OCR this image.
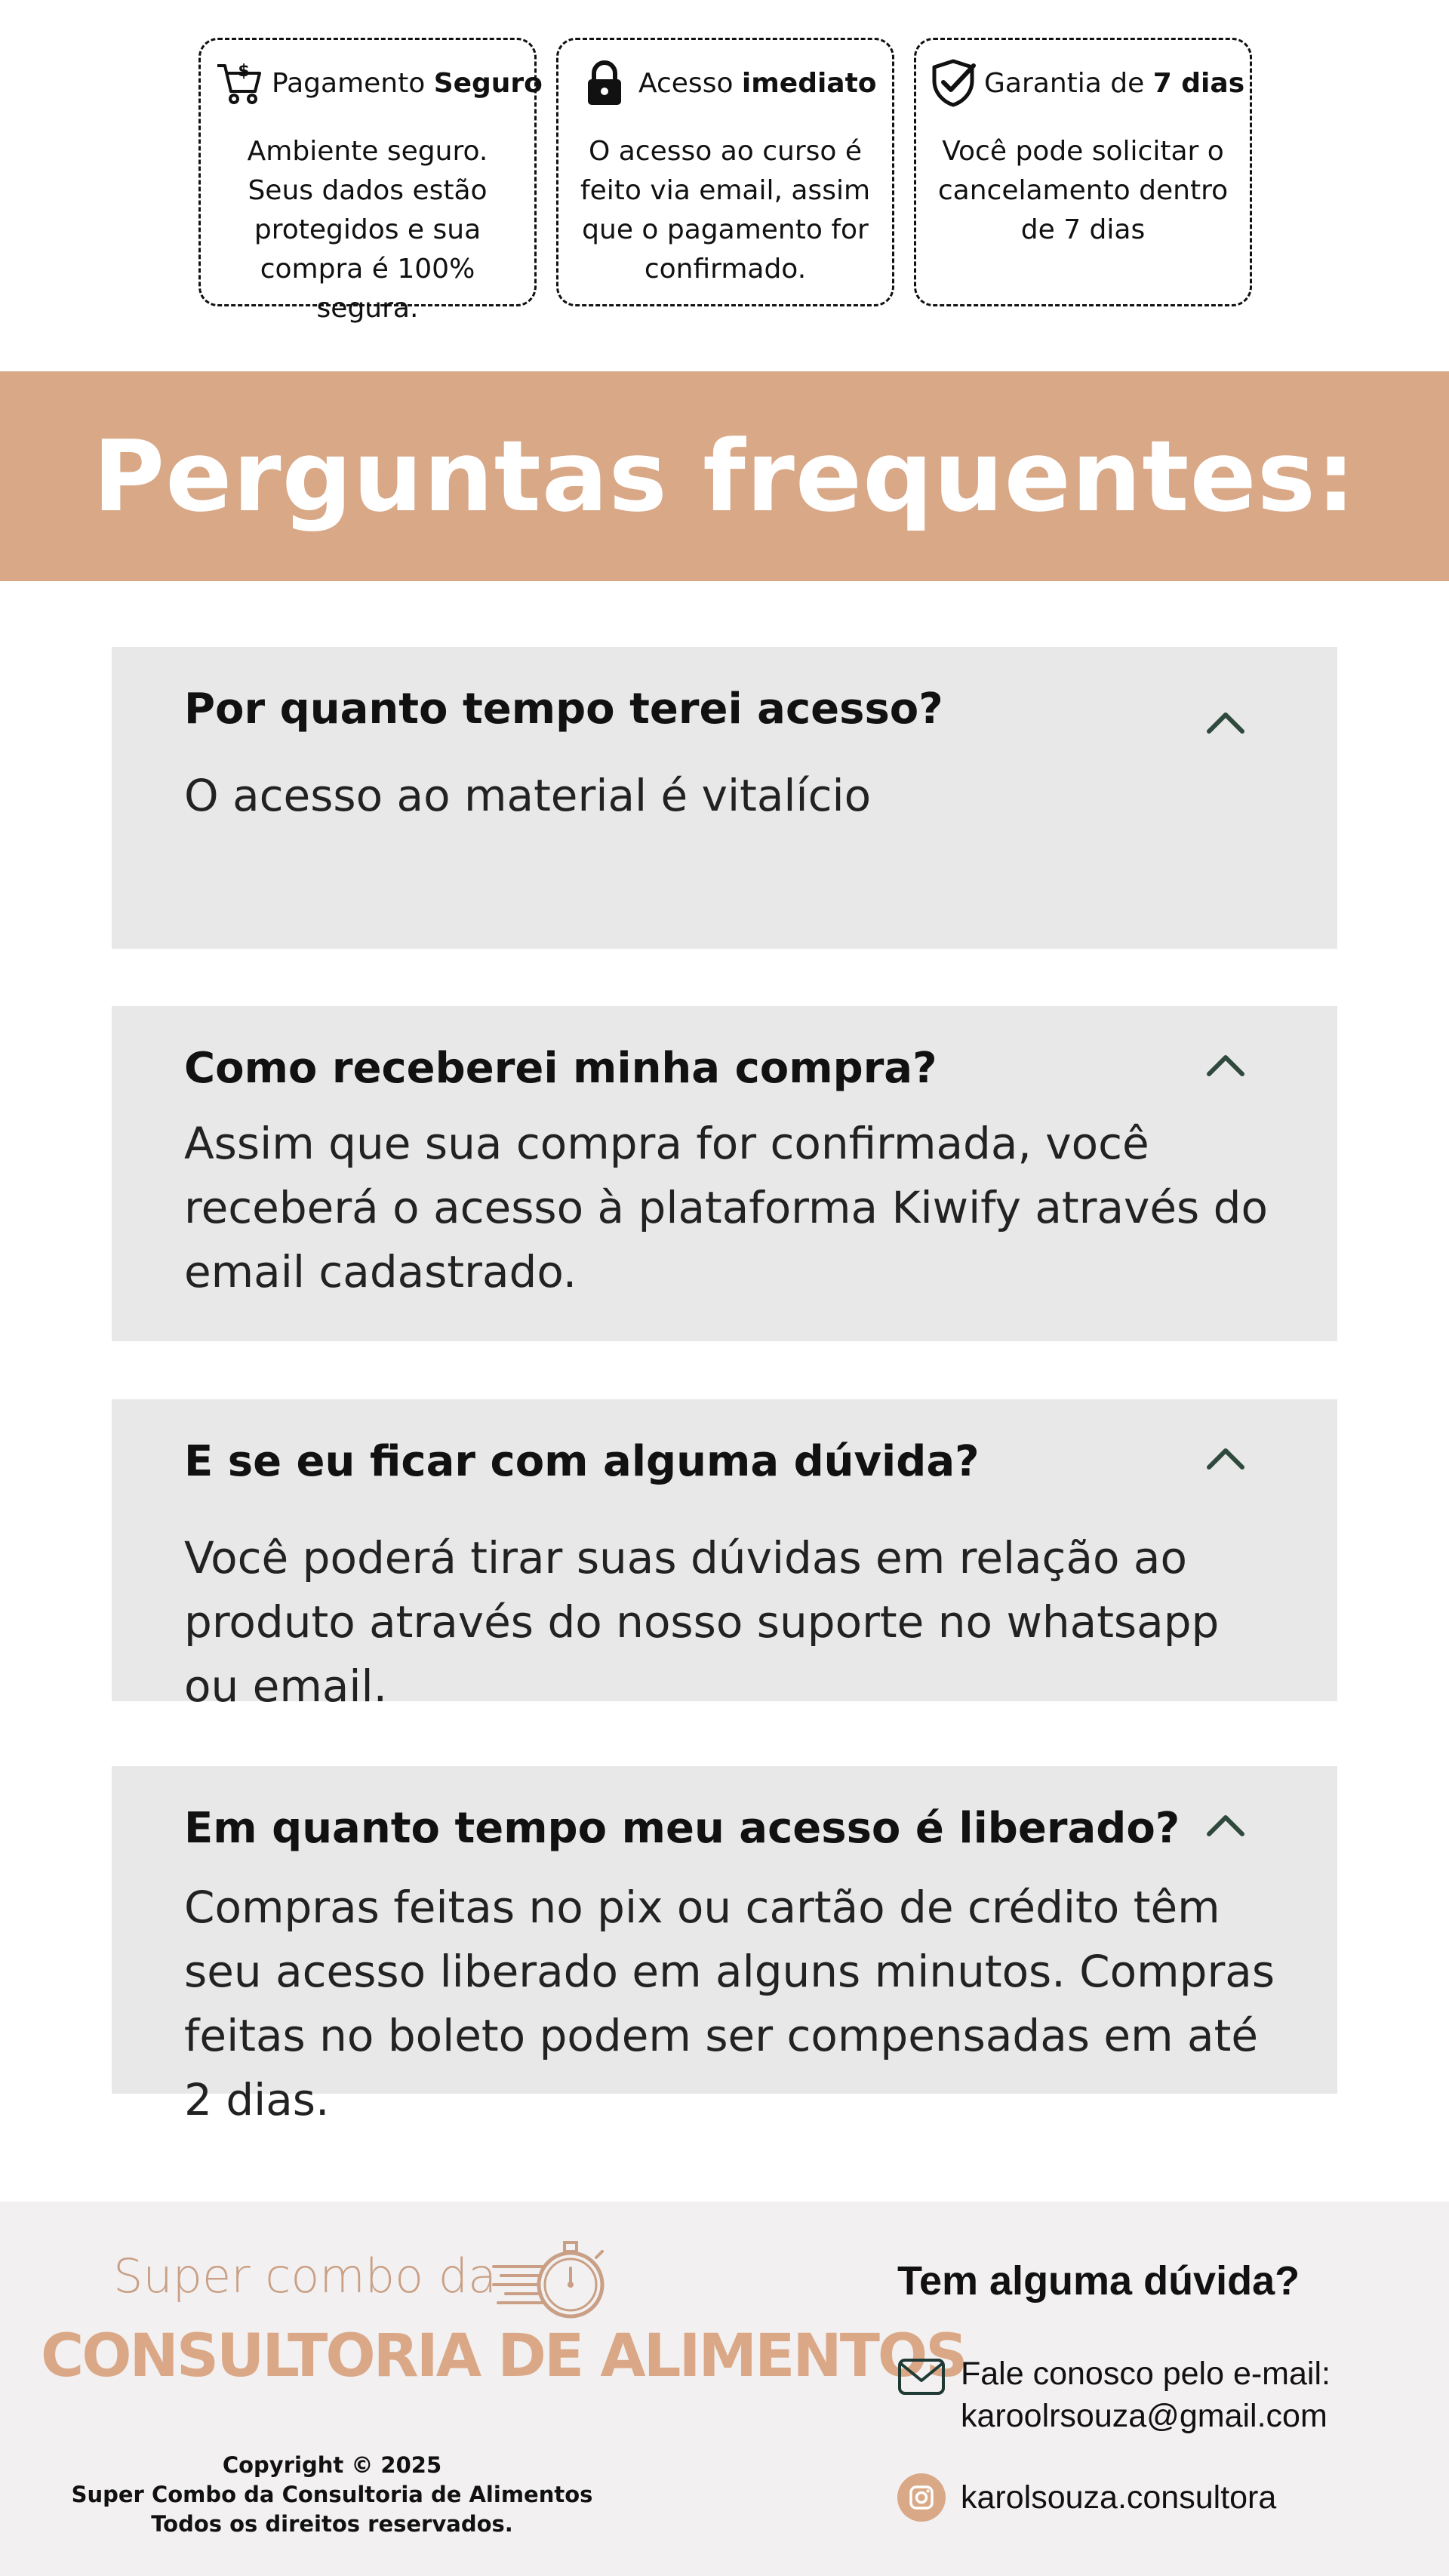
$ Pagamento Seguro
Ambiente seguro. Seus dados estão protegidos e sua compra é 100% segura.
Acesso imediato
O acesso ao curso é feito via email, assim que o pagamento for confirmado.
Garantia de 7 dias
Você pode solicitar o cancelamento dentro de 7 dias
Perguntas frequentes:
Por quanto tempo terei acesso?
O acesso ao material é vitalício
Como receberei minha compra?
Assim que sua compra for confirmada, você receberá o acesso à plataforma Kiwify através do email cadastrado.
E se eu ficar com alguma dúvida?
Você poderá tirar suas dúvidas em relação ao produto através do nosso suporte no whatsapp ou email.
Em quanto tempo meu acesso é liberado?
Compras feitas no pix ou cartão de crédito têm seu acesso liberado em alguns minutos. Compras feitas no boleto podem ser compensadas em até 2 dias.
Super combo da
CONSULTORIA DE ALIMENTOS
Copyright © 2025
Super Combo da Consultoria de Alimentos
Todos os direitos reservados.
Tem alguma dúvida?
Fale conosco pelo e-mail:
karoolrsouza@gmail.com
karolsouza.consultora
